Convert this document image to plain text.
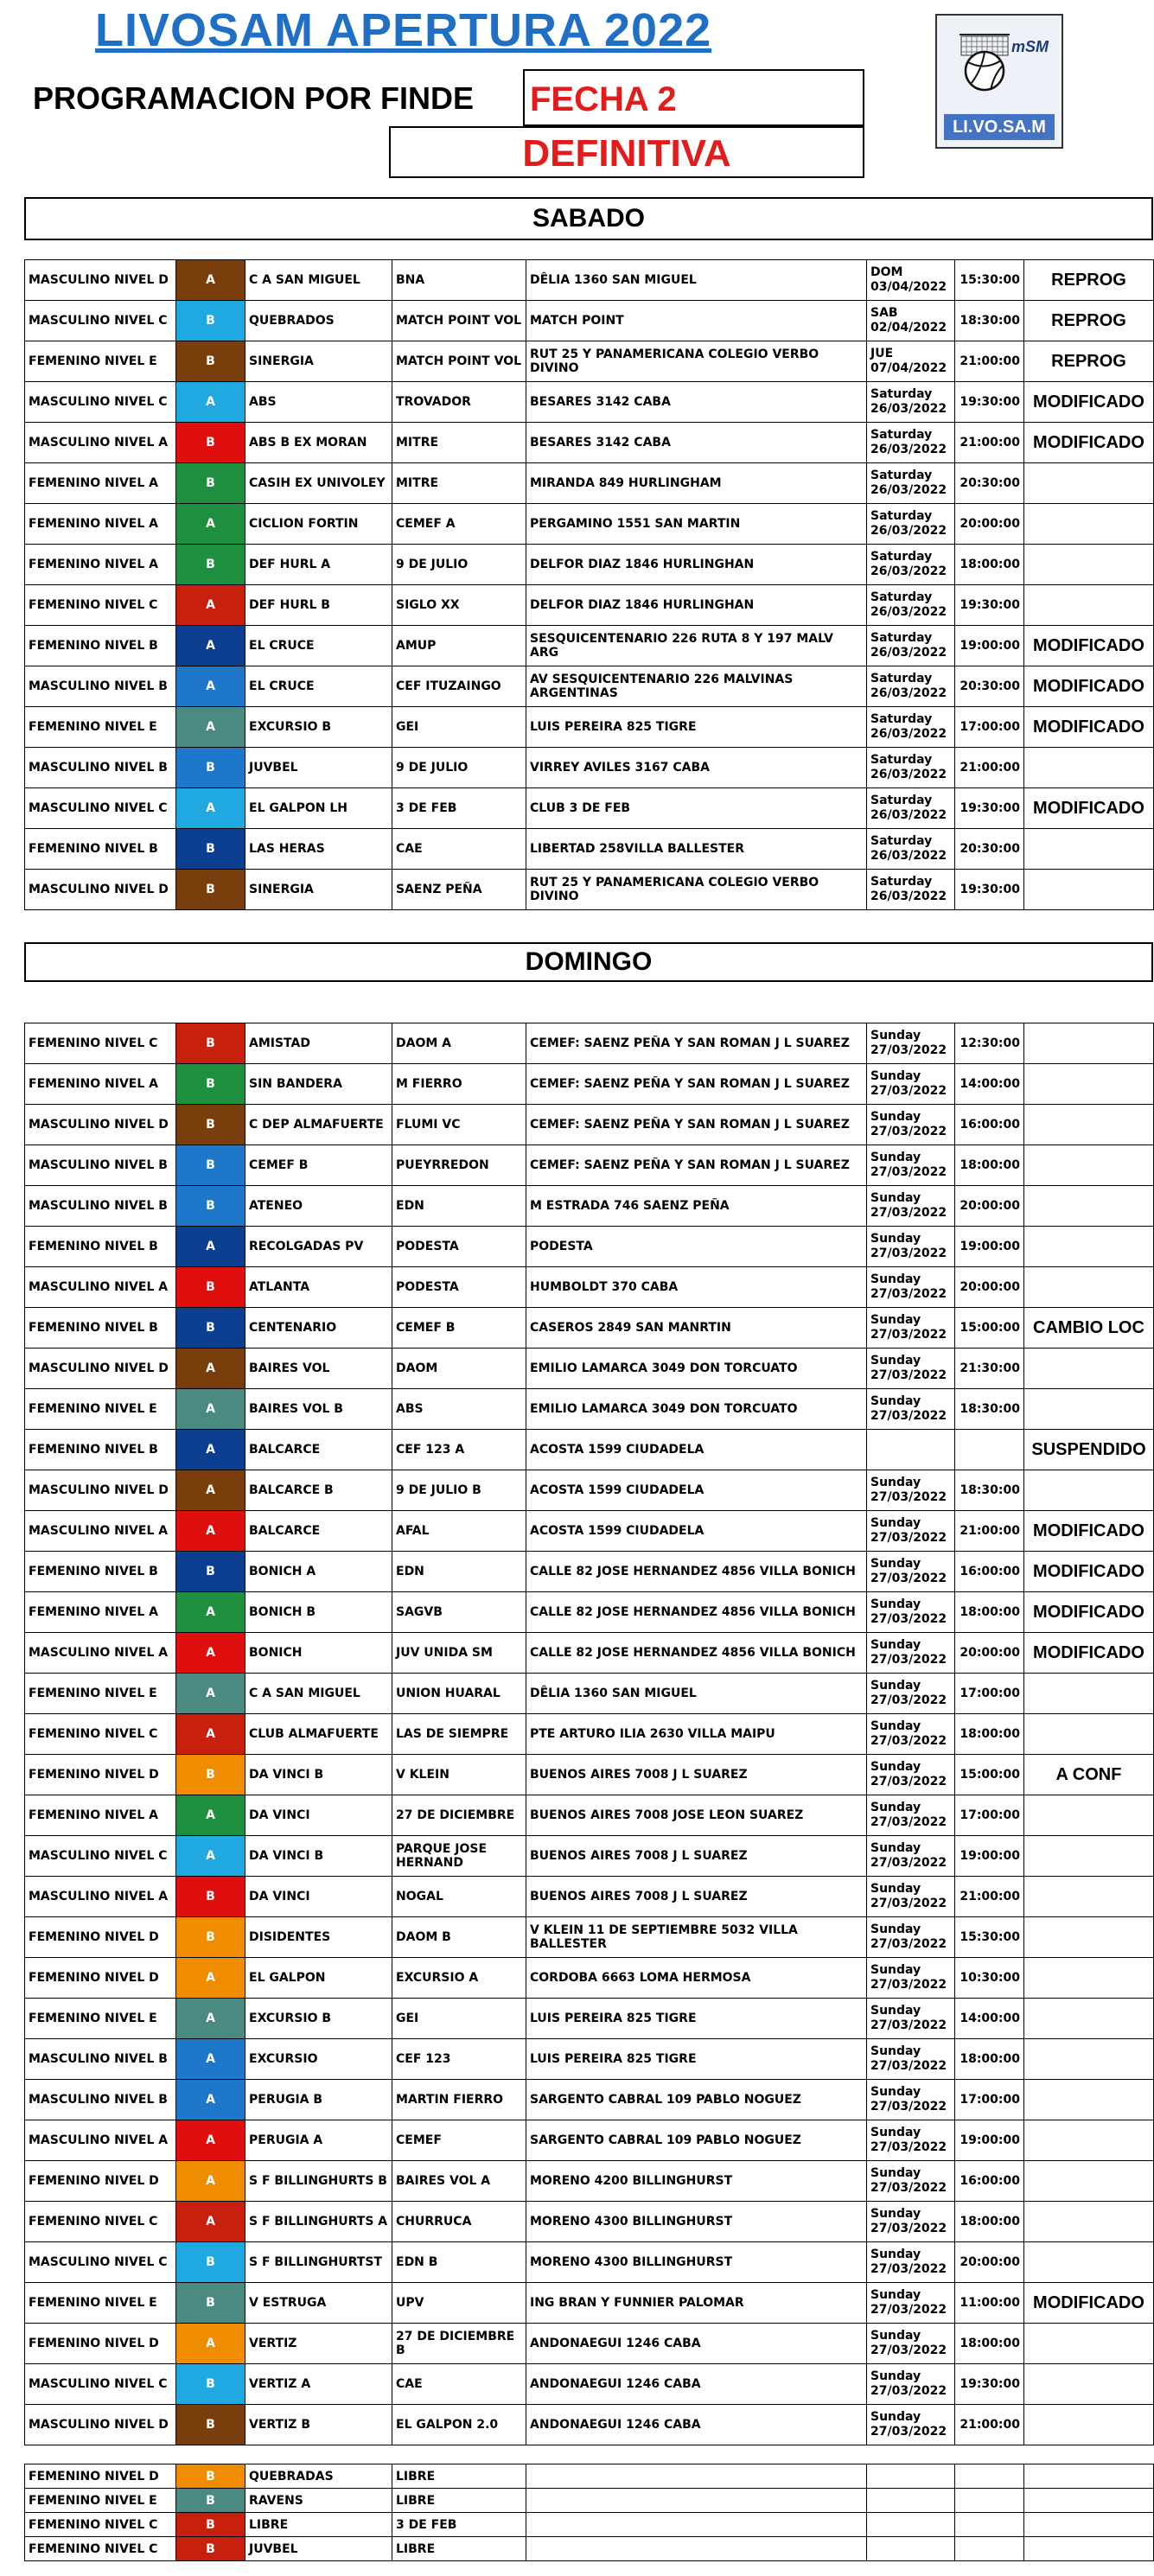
LIVOSAM APERTURA 2022
PROGRAMACION POR FINDE FECHA 2
DEFINITIVA
mSM
LI.VO.SA.M
SABADO
MASCULINO NIVEL D	A	C A SAN MIGUEL	BNA	DÊLIA 1360 SAN MIGUEL	DOM 03/04/2022	15:30:00	REPROG
MASCULINO NIVEL C	B	QUEBRADOS	MATCH POINT VOL	MATCH POINT	SAB 02/04/2022	18:30:00	REPROG
FEMENINO NIVEL E	B	SINERGIA	MATCH POINT VOL	RUT 25 Y PANAMERICANA COLEGIO VERBO DIVINO	JUE 07/04/2022	21:00:00	REPROG
MASCULINO NIVEL C	A	ABS	TROVADOR	BESARES 3142 CABA	Saturday 26/03/2022	19:30:00	MODIFICADO
MASCULINO NIVEL A	B	ABS B EX MORAN	MITRE	BESARES 3142 CABA	Saturday 26/03/2022	21:00:00	MODIFICADO
FEMENINO NIVEL A	B	CASIH EX UNIVOLEY	MITRE	MIRANDA 849 HURLINGHAM	Saturday 26/03/2022	20:30:00	
FEMENINO NIVEL A	A	CICLION FORTIN	CEMEF A	PERGAMINO 1551 SAN MARTIN	Saturday 26/03/2022	20:00:00	
FEMENINO NIVEL A	B	DEF HURL A	9 DE JULIO	DELFOR DIAZ 1846 HURLINGHAN	Saturday 26/03/2022	18:00:00	
FEMENINO NIVEL C	A	DEF HURL B	SIGLO XX	DELFOR DIAZ 1846 HURLINGHAN	Saturday 26/03/2022	19:30:00	
FEMENINO NIVEL B	A	EL CRUCE	AMUP	SESQUICENTENARIO 226 RUTA 8 Y 197 MALV ARG	Saturday 26/03/2022	19:00:00	MODIFICADO
MASCULINO NIVEL B	A	EL CRUCE	CEF ITUZAINGO	AV SESQUICENTENARIO 226 MALVINAS ARGENTINAS	Saturday 26/03/2022	20:30:00	MODIFICADO
FEMENINO NIVEL E	A	EXCURSIO B	GEI	LUIS PEREIRA 825 TIGRE	Saturday 26/03/2022	17:00:00	MODIFICADO
MASCULINO NIVEL B	B	JUVBEL	9 DE JULIO	VIRREY AVILES 3167 CABA	Saturday 26/03/2022	21:00:00	
MASCULINO NIVEL C	A	EL GALPON LH	3 DE FEB	CLUB 3 DE FEB	Saturday 26/03/2022	19:30:00	MODIFICADO
FEMENINO NIVEL B	B	LAS HERAS	CAE	LIBERTAD 258VILLA BALLESTER	Saturday 26/03/2022	20:30:00	
MASCULINO NIVEL D	B	SINERGIA	SAENZ PEÑA	RUT 25 Y PANAMERICANA COLEGIO VERBO DIVINO	Saturday 26/03/2022	19:30:00	
DOMINGO
FEMENINO NIVEL C	B	AMISTAD	DAOM A	CEMEF: SAENZ PEÑA Y SAN ROMAN J L SUAREZ	Sunday 27/03/2022	12:30:00	
FEMENINO NIVEL A	B	SIN BANDERA	M FIERRO	CEMEF: SAENZ PEÑA Y SAN ROMAN J L SUAREZ	Sunday 27/03/2022	14:00:00	
MASCULINO NIVEL D	B	C DEP ALMAFUERTE	FLUMI VC	CEMEF: SAENZ PEÑA Y SAN ROMAN J L SUAREZ	Sunday 27/03/2022	16:00:00	
MASCULINO NIVEL B	B	CEMEF B	PUEYRREDON	CEMEF: SAENZ PEÑA Y SAN ROMAN J L SUAREZ	Sunday 27/03/2022	18:00:00	
MASCULINO NIVEL B	B	ATENEO	EDN	M ESTRADA 746 SAENZ PEÑA	Sunday 27/03/2022	20:00:00	
FEMENINO NIVEL B	A	RECOLGADAS PV	PODESTA	PODESTA	Sunday 27/03/2022	19:00:00	
MASCULINO NIVEL A	B	ATLANTA	PODESTA	HUMBOLDT 370 CABA	Sunday 27/03/2022	20:00:00	
FEMENINO NIVEL B	B	CENTENARIO	CEMEF B	CASEROS 2849 SAN MANRTIN	Sunday 27/03/2022	15:00:00	CAMBIO LOC
MASCULINO NIVEL D	A	BAIRES VOL	DAOM	EMILIO LAMARCA 3049 DON TORCUATO	Sunday 27/03/2022	21:30:00	
FEMENINO NIVEL E	A	BAIRES VOL B	ABS	EMILIO LAMARCA 3049 DON TORCUATO	Sunday 27/03/2022	18:30:00	
FEMENINO NIVEL B	A	BALCARCE	CEF 123 A	ACOSTA 1599 CIUDADELA			SUSPENDIDO
MASCULINO NIVEL D	A	BALCARCE B	9 DE JULIO B	ACOSTA 1599 CIUDADELA	Sunday 27/03/2022	18:30:00	
MASCULINO NIVEL A	A	BALCARCE	AFAL	ACOSTA 1599 CIUDADELA	Sunday 27/03/2022	21:00:00	MODIFICADO
FEMENINO NIVEL B	B	BONICH A	EDN	CALLE 82 JOSE HERNANDEZ 4856 VILLA BONICH	Sunday 27/03/2022	16:00:00	MODIFICADO
FEMENINO NIVEL A	A	BONICH B	SAGVB	CALLE 82 JOSE HERNANDEZ 4856 VILLA BONICH	Sunday 27/03/2022	18:00:00	MODIFICADO
MASCULINO NIVEL A	A	BONICH	JUV UNIDA SM	CALLE 82 JOSE HERNANDEZ 4856 VILLA BONICH	Sunday 27/03/2022	20:00:00	MODIFICADO
FEMENINO NIVEL E	A	C A SAN MIGUEL	UNION HUARAL	DÊLIA 1360 SAN MIGUEL	Sunday 27/03/2022	17:00:00	
FEMENINO NIVEL C	A	CLUB ALMAFUERTE	LAS DE SIEMPRE	PTE ARTURO ILIA 2630 VILLA MAIPU	Sunday 27/03/2022	18:00:00	
FEMENINO NIVEL D	B	DA VINCI B	V KLEIN	BUENOS AIRES 7008 J L SUAREZ	Sunday 27/03/2022	15:00:00	A CONF
FEMENINO NIVEL A	A	DA VINCI	27 DE DICIEMBRE	BUENOS AIRES 7008 JOSE LEON SUAREZ	Sunday 27/03/2022	17:00:00	
MASCULINO NIVEL C	A	DA VINCI B	PARQUE JOSE HERNAND	BUENOS AIRES 7008 J L SUAREZ	Sunday 27/03/2022	19:00:00	
MASCULINO NIVEL A	B	DA VINCI	NOGAL	BUENOS AIRES 7008 J L SUAREZ	Sunday 27/03/2022	21:00:00	
FEMENINO NIVEL D	B	DISIDENTES	DAOM B	V KLEIN 11 DE SEPTIEMBRE 5032 VILLA BALLESTER	Sunday 27/03/2022	15:30:00	
FEMENINO NIVEL D	A	EL GALPON	EXCURSIO A	CORDOBA 6663 LOMA HERMOSA	Sunday 27/03/2022	10:30:00	
FEMENINO NIVEL E	A	EXCURSIO B	GEI	LUIS PEREIRA 825 TIGRE	Sunday 27/03/2022	14:00:00	
MASCULINO NIVEL B	A	EXCURSIO	CEF 123	LUIS PEREIRA 825 TIGRE	Sunday 27/03/2022	18:00:00	
MASCULINO NIVEL B	A	PERUGIA B	MARTIN FIERRO	SARGENTO CABRAL 109 PABLO NOGUEZ	Sunday 27/03/2022	17:00:00	
MASCULINO NIVEL A	A	PERUGIA A	CEMEF	SARGENTO CABRAL 109 PABLO NOGUEZ	Sunday 27/03/2022	19:00:00	
FEMENINO NIVEL D	A	S F BILLINGHURTS B	BAIRES VOL A	MORENO 4200 BILLINGHURST	Sunday 27/03/2022	16:00:00	
FEMENINO NIVEL C	A	S F BILLINGHURTS A	CHURRUCA	MORENO 4300 BILLINGHURST	Sunday 27/03/2022	18:00:00	
MASCULINO NIVEL C	B	S F BILLINGHURTST	EDN B	MORENO 4300 BILLINGHURST	Sunday 27/03/2022	20:00:00	
FEMENINO NIVEL E	B	V ESTRUGA	UPV	ING BRAN Y FUNNIER PALOMAR	Sunday 27/03/2022	11:00:00	MODIFICADO
FEMENINO NIVEL D	A	VERTIZ	27 DE DICIEMBRE B	ANDONAEGUI 1246 CABA	Sunday 27/03/2022	18:00:00	
MASCULINO NIVEL C	B	VERTIZ A	CAE	ANDONAEGUI 1246 CABA	Sunday 27/03/2022	19:30:00	
MASCULINO NIVEL D	B	VERTIZ B	EL GALPON 2.0	ANDONAEGUI 1246 CABA	Sunday 27/03/2022	21:00:00	
FEMENINO NIVEL D	B	QUEBRADAS	LIBRE				
FEMENINO NIVEL E	B	RAVENS	LIBRE				
FEMENINO NIVEL C	B	LIBRE	3 DE FEB				
FEMENINO NIVEL C	B	JUVBEL	LIBRE				
